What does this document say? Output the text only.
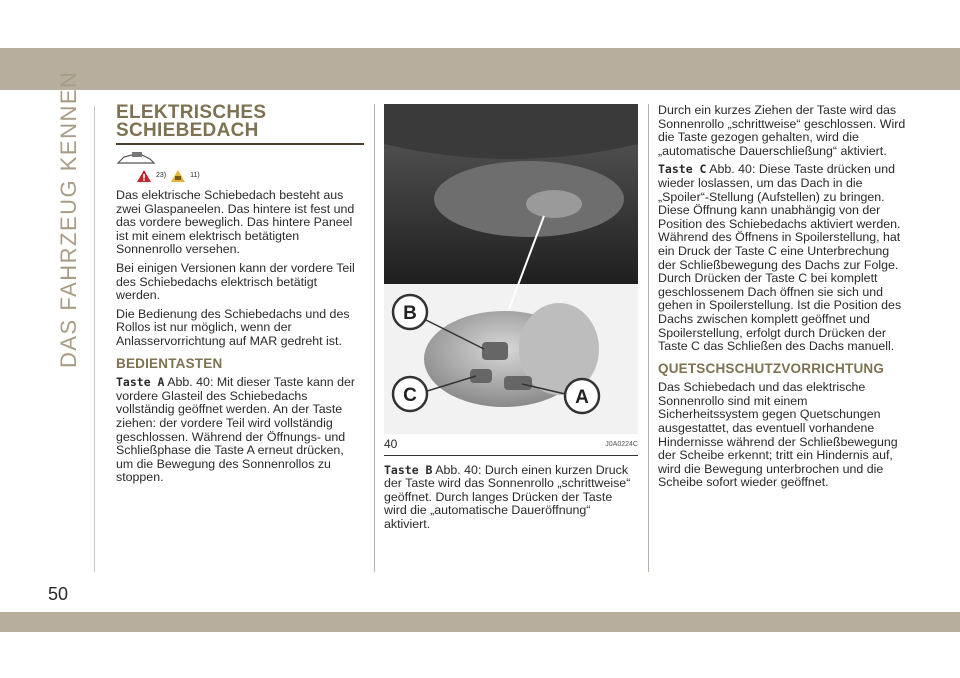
DAS FAHRZEUG KENNEN
50
ELEKTRISCHES SCHIEBEDACH
23)	11)

Das elektrische Schiebedach besteht aus zwei Glaspaneelen. Das hintere ist fest und das vordere beweglich. Das hintere Paneel ist mit einem elektrisch betätigten Sonnenrollo versehen.

Bei einigen Versionen kann der vordere Teil des Schiebedachs elektrisch betätigt werden.

Die Bedienung des Schiebedachs und des Rollos ist nur möglich, wenn der Anlasservorrichtung auf MAR gedreht ist.

BEDIENTASTEN

Taste A Abb. 40: Mit dieser Taste kann der vordere Glasteil des Schiebedachs vollständig geöffnet werden. An der Taste ziehen: der vordere Teil wird vollständig geschlossen. Während der Öffnungs- und Schließphase die Taste A erneut drücken, um die Bewegung des Sonnenrollos zu stoppen.

B
C	A
40	J0A0224C

Taste B Abb. 40: Durch einen kurzen Druck der Taste wird das Sonnenrollo „schrittweise“ geöffnet. Durch langes Drücken der Taste wird die „automatische Daueröffnung“ aktiviert.

Durch ein kurzes Ziehen der Taste wird das Sonnenrollo „schrittweise“ geschlossen. Wird die Taste gezogen gehalten, wird die „automatische Dauerschließung“ aktiviert.

Taste C Abb. 40: Diese Taste drücken und wieder loslassen, um das Dach in die „Spoiler“-Stellung (Aufstellen) zu bringen. Diese Öffnung kann unabhängig von der Position des Schiebedachs aktiviert werden. Während des Öffnens in Spoilerstellung, hat ein Druck der Taste C eine Unterbrechung der Schließbewegung des Dachs zur Folge. Durch Drücken der Taste C bei komplett geschlossenem Dach öffnen sie sich und gehen in Spoilerstellung. Ist die Position des Dachs zwischen komplett geöffnet und Spoilerstellung, erfolgt durch Drücken der Taste C das Schließen des Dachs manuell.

QUETSCHSCHUTZVORRICHTUNG

Das Schiebedach und das elektrische Sonnenrollo sind mit einem Sicherheitssystem gegen Quetschungen ausgestattet, das eventuell vorhandene Hindernisse während der Schließbewegung der Scheibe erkennt; tritt ein Hindernis auf, wird die Bewegung unterbrochen und die Scheibe sofort wieder geöffnet.
